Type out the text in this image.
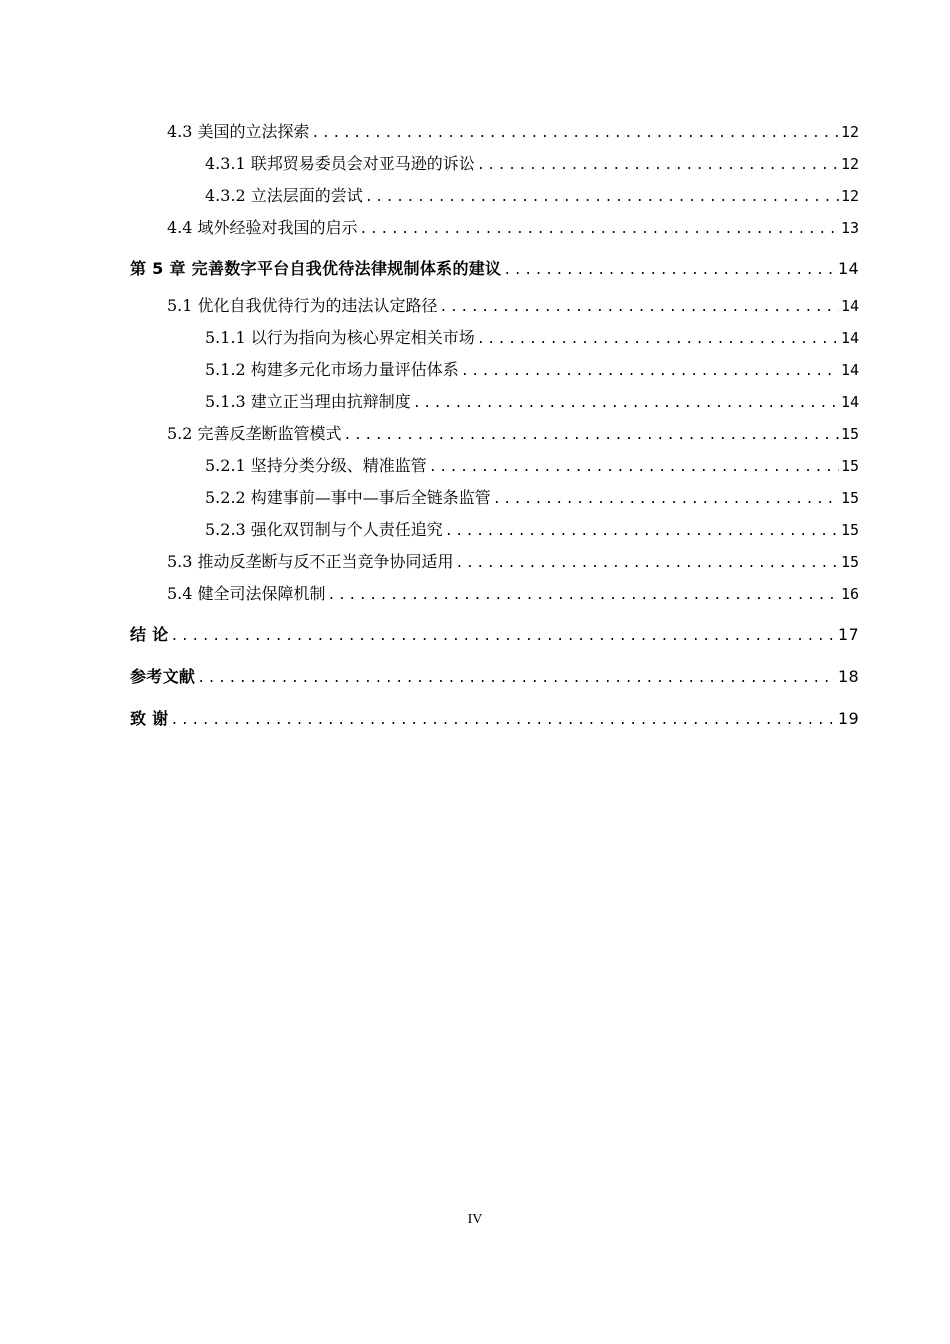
4.3 美国的立法探索 .....	12
4.3.1 联邦贸易委员会对亚马逊的诉讼 .....	12
4.3.2 立法层面的尝试 .....	12
4.4 域外经验对我国的启示 .....	13
第 5 章 完善数字平台自我优待法律规制体系的建议 .....	14
5.1 优化自我优待行为的违法认定路径 .....	14
5.1.1 以行为指向为核心界定相关市场 .....	14
5.1.2 构建多元化市场力量评估体系 .....	14
5.1.3 建立正当理由抗辩制度 .....	14
5.2 完善反垄断监管模式 .....	15
5.2.1 坚持分类分级、精准监管 .....	15
5.2.2 构建事前—事中—事后全链条监管 .....	15
5.2.3 强化双罚制与个人责任追究 .....	15
5.3 推动反垄断与反不正当竞争协同适用 .....	15
5.4 健全司法保障机制 .....	16
结 论 .....	17
参考文献 .....	18
致 谢 .....	19
IV
